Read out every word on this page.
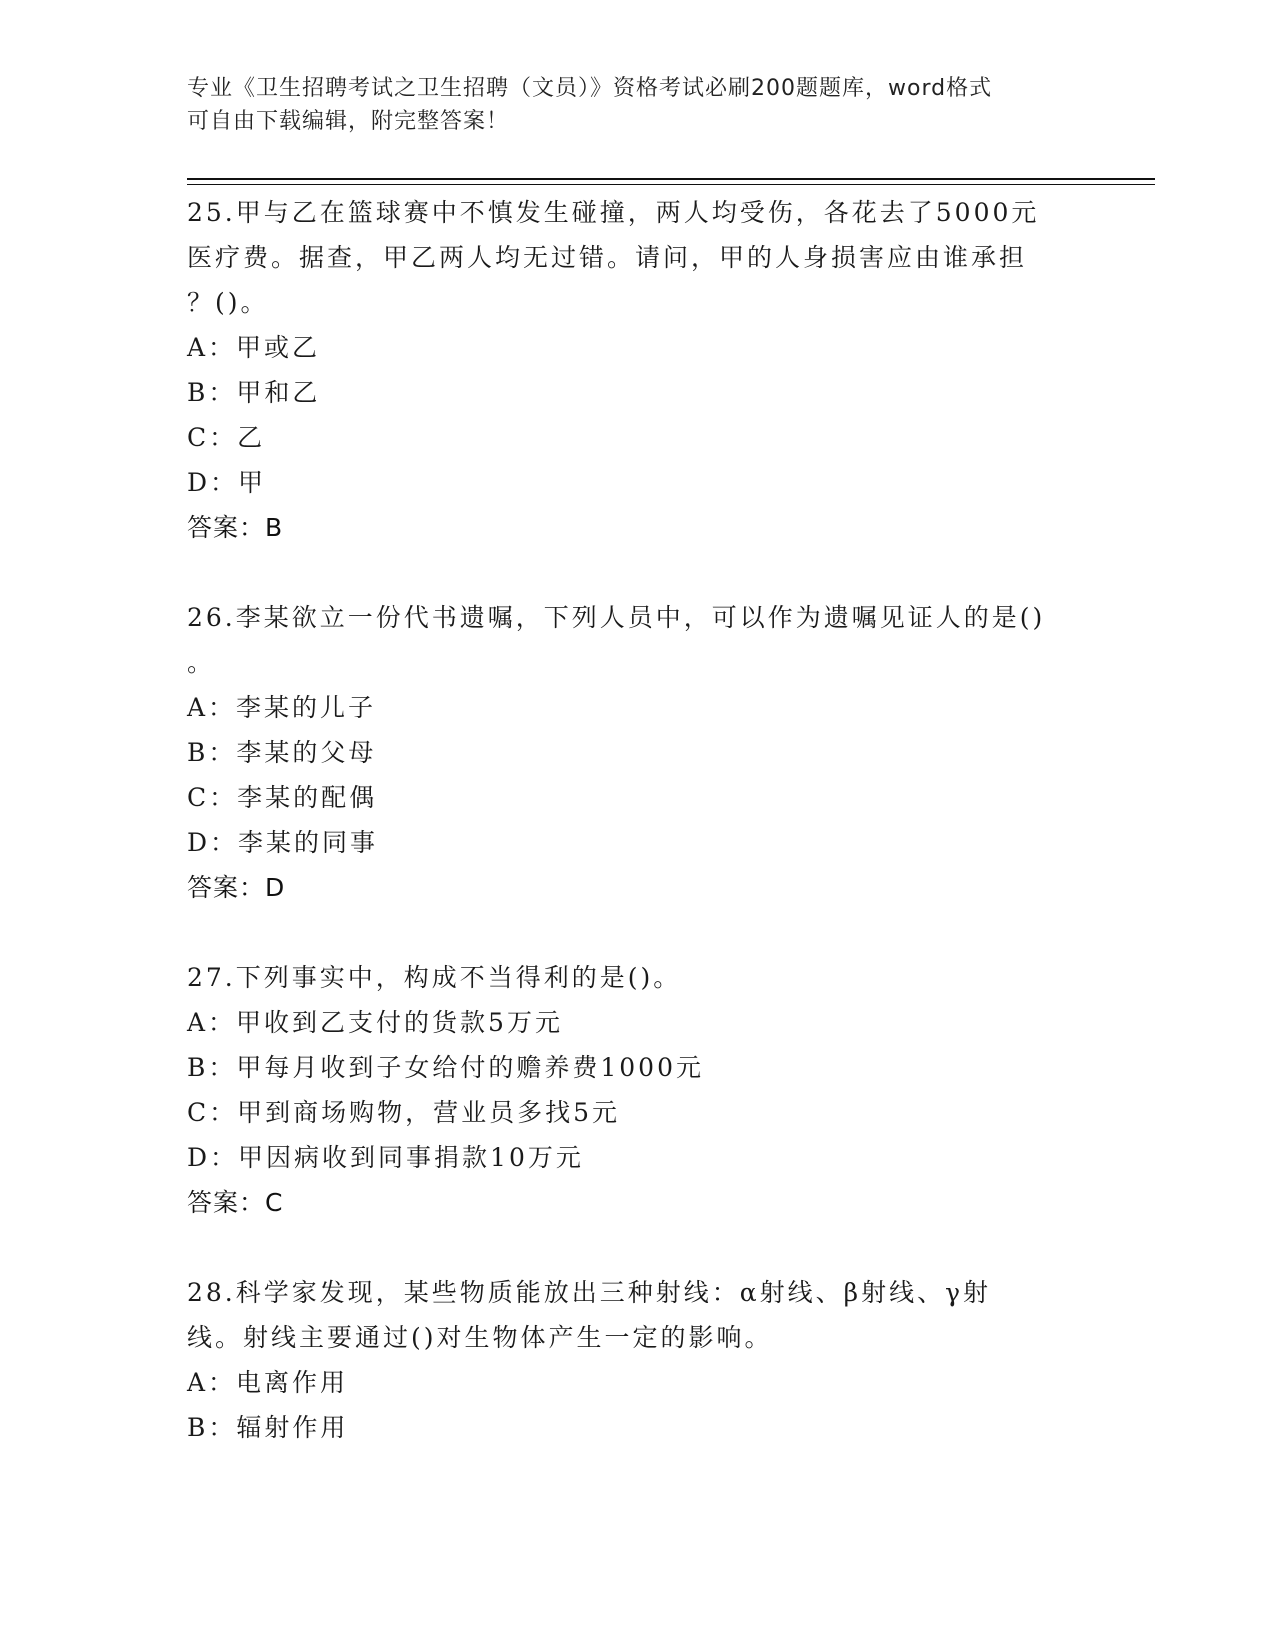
专业《卫生招聘考试之卫生招聘（文员）》资格考试必刷200题题库，word格式
可自由下载编辑，附完整答案！
25.甲与乙在篮球赛中不慎发生碰撞，两人均受伤，各花去了5000元
医疗费。据查，甲乙两人均无过错。请问，甲的人身损害应由谁承担
？()。
A：甲或乙
B：甲和乙
C：乙
D：甲
答案：B
26.李某欲立一份代书遗嘱，下列人员中，可以作为遗嘱见证人的是()
。
A：李某的儿子
B：李某的父母
C：李某的配偶
D：李某的同事
答案：D
27.下列事实中，构成不当得利的是()。
A：甲收到乙支付的货款5万元
B：甲每月收到子女给付的赡养费1000元
C：甲到商场购物，营业员多找5元
D：甲因病收到同事捐款10万元
答案：C
28.科学家发现，某些物质能放出三种射线：α射线、β射线、γ射
线。射线主要通过()对生物体产生一定的影响。
A：电离作用
B：辐射作用
